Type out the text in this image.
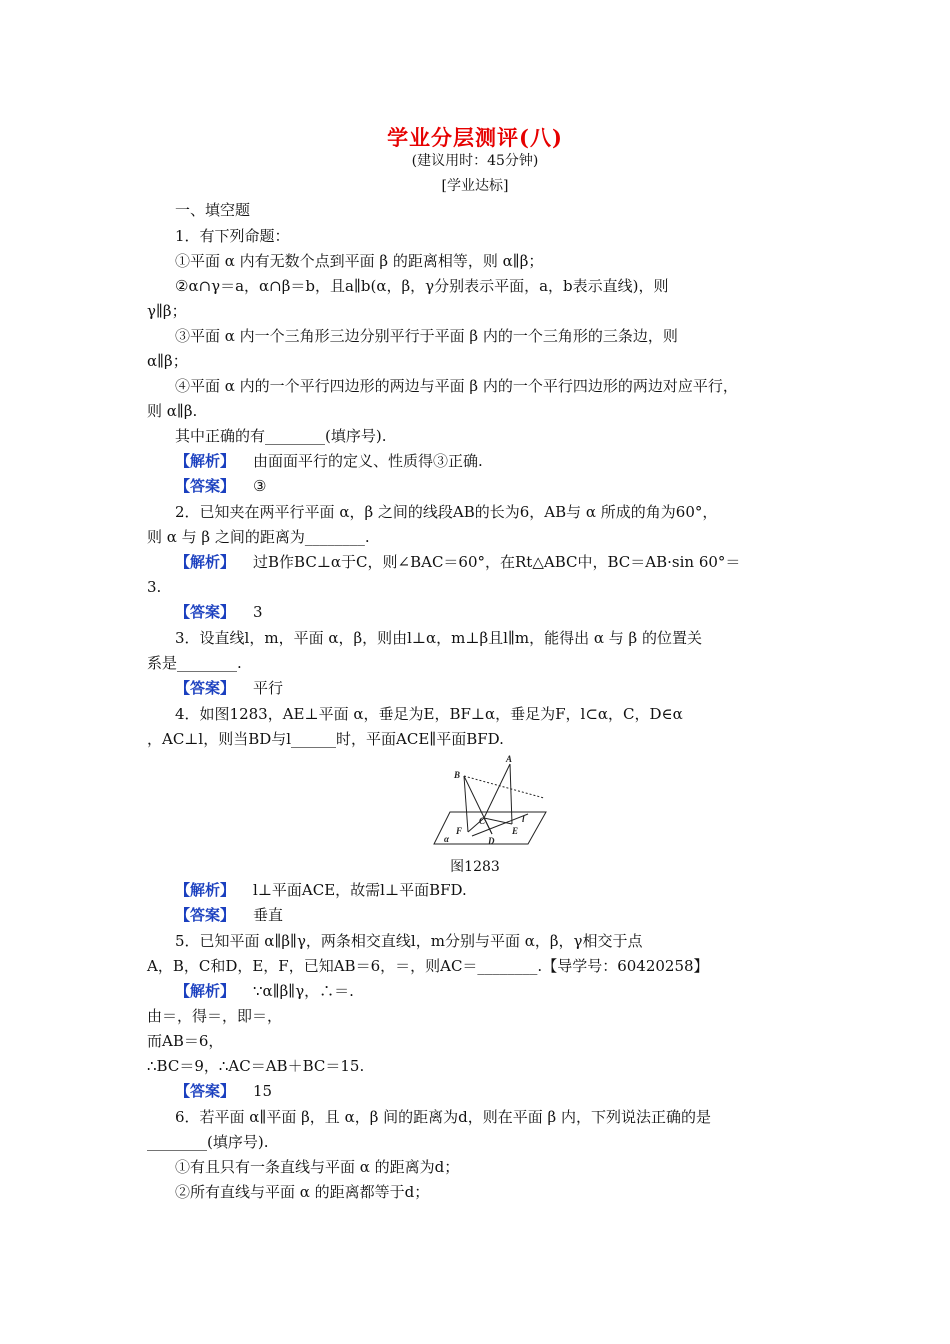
学业分层测评(八)
(建议用时：45分钟)
[学业达标]
一、填空题
1．有下列命题：
①平面 α 内有无数个点到平面 β 的距离相等，则 α∥β；
②α∩γ＝a，α∩β＝b，且a∥b(α，β，γ分别表示平面，a，b表示直线)，则
γ∥β；
③平面 α 内一个三角形三边分别平行于平面 β 内的一个三角形的三条边，则
α∥β；
④平面 α 内的一个平行四边形的两边与平面 β 内的一个平行四边形的两边对应平行，
则 α∥β.
其中正确的有________(填序号).
【解析】 由面面平行的定义、性质得③正确.
【答案】 ③
2．已知夹在两平行平面 α，β 之间的线段AB的长为6，AB与 α 所成的角为60°，
则 α 与 β 之间的距离为________.
【解析】 过B作BC⊥α于C，则∠BAC＝60°，在Rt△ABC中，BC＝AB·sin 60°＝
3.
【答案】 3
3．设直线l，m，平面 α，β，则由l⊥α，m⊥β且l∥m，能得出 α 与 β 的位置关
系是________.
【答案】 平行
4．如图1283，AE⊥平面 α，垂足为E，BF⊥α，垂足为F，l⊂α，C，D∈α
，AC⊥l，则当BD与l______时，平面ACE∥平面BFD.
B
A
C
D
E
F
l
α
图1283
【解析】 l⊥平面ACE，故需l⊥平面BFD.
【答案】 垂直
5．已知平面 α∥β∥γ，两条相交直线l，m分别与平面 α，β，γ相交于点
A，B，C和D，E，F，已知AB＝6，＝，则AC＝________.【导学号：60420258】
【解析】 ∵α∥β∥γ，∴＝.
由＝，得＝，即＝，
而AB＝6，
∴BC＝9，∴AC＝AB＋BC＝15.
【答案】 15
6．若平面 α∥平面 β，且 α，β 间的距离为d，则在平面 β 内，下列说法正确的是
________(填序号).
①有且只有一条直线与平面 α 的距离为d；
②所有直线与平面 α 的距离都等于d；
